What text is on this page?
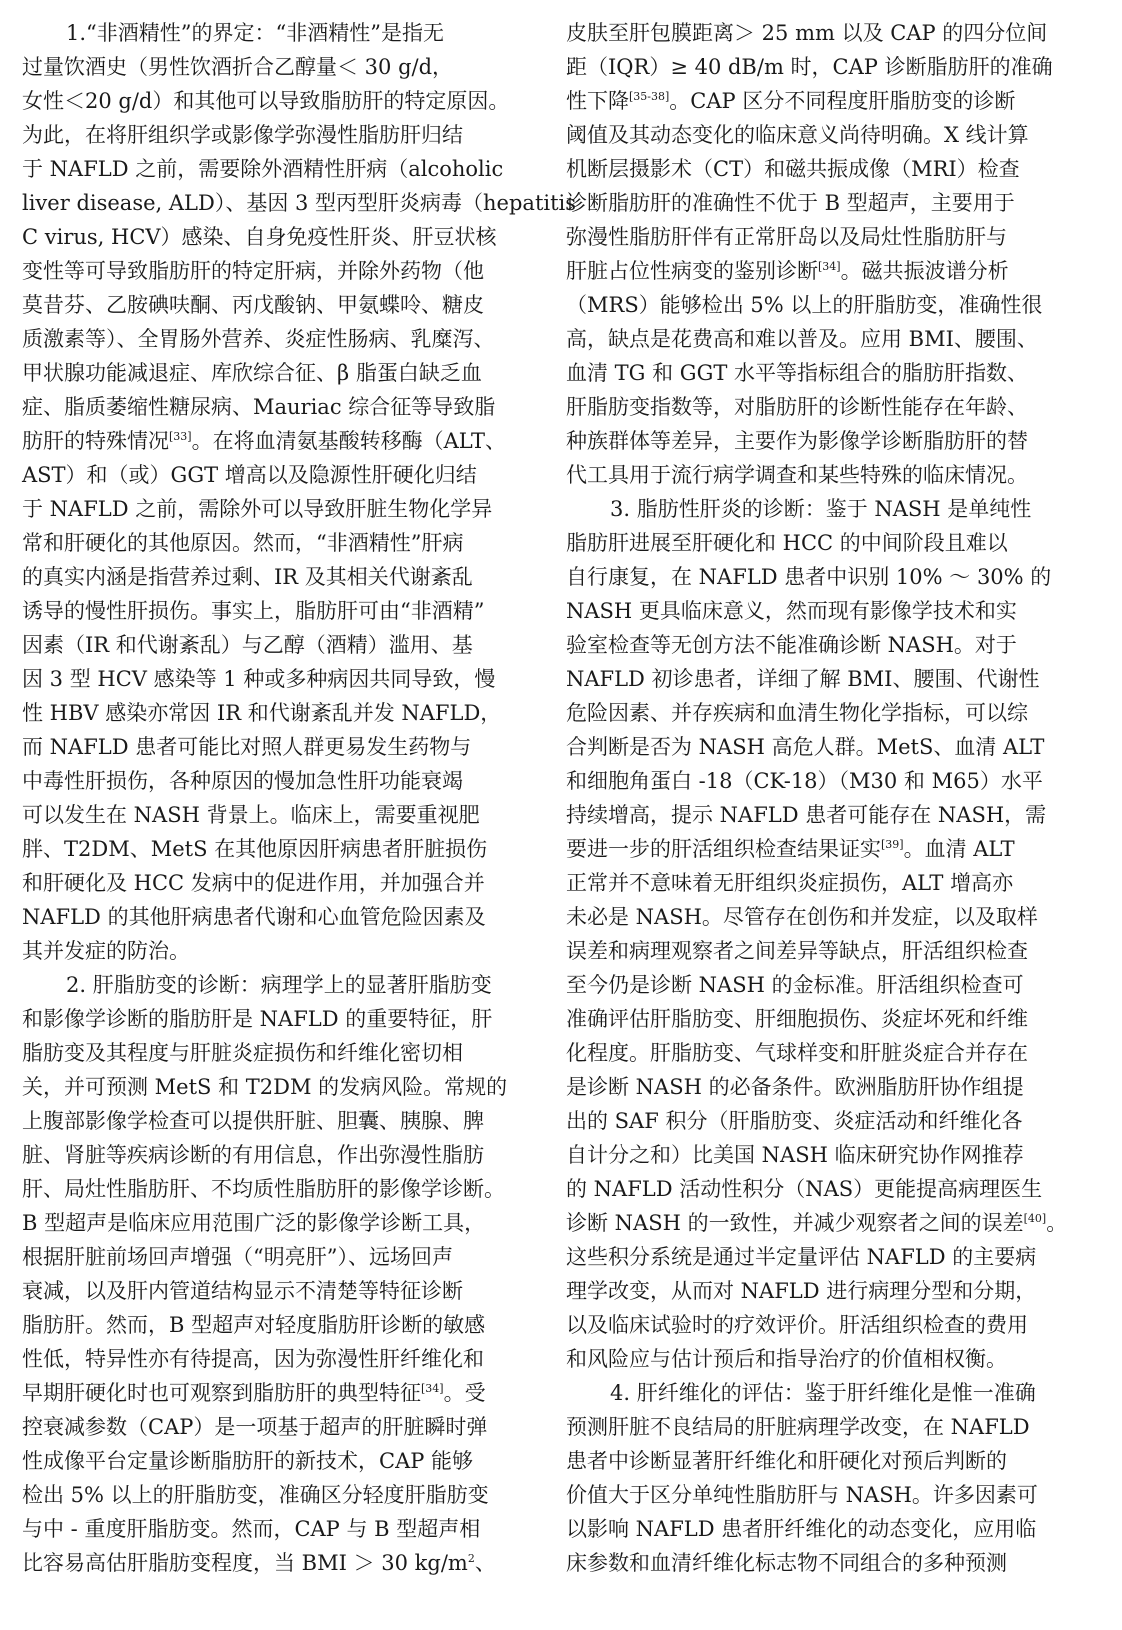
1.“非酒精性”的界定：“非酒精性”是指无
过量饮酒史（男性饮酒折合乙醇量＜ 30 g/d，
女性＜20 g/d）和其他可以导致脂肪肝的特定原因。
为此，在将肝组织学或影像学弥漫性脂肪肝归结
于 NAFLD 之前，需要除外酒精性肝病（alcoholic
liver disease, ALD）、基因 3 型丙型肝炎病毒（hepatitis
C virus, HCV）感染、自身免疫性肝炎、肝豆状核
变性等可导致脂肪肝的特定肝病，并除外药物（他
莫昔芬、乙胺碘呋酮、丙戊酸钠、甲氨蝶呤、糖皮
质激素等）、全胃肠外营养、炎症性肠病、乳糜泻、
甲状腺功能减退症、库欣综合征、β 脂蛋白缺乏血
症、脂质萎缩性糖尿病、Mauriac 综合征等导致脂
肪肝的特殊情况[33]。在将血清氨基酸转移酶（ALT、
AST）和（或）GGT 增高以及隐源性肝硬化归结
于 NAFLD 之前，需除外可以导致肝脏生物化学异
常和肝硬化的其他原因。然而，“非酒精性”肝病
的真实内涵是指营养过剩、IR 及其相关代谢紊乱
诱导的慢性肝损伤。事实上，脂肪肝可由“非酒精”
因素（IR 和代谢紊乱）与乙醇（酒精）滥用、基
因 3 型 HCV 感染等 1 种或多种病因共同导致，慢
性 HBV 感染亦常因 IR 和代谢紊乱并发 NAFLD，
而 NAFLD 患者可能比对照人群更易发生药物与
中毒性肝损伤，各种原因的慢加急性肝功能衰竭
可以发生在 NASH 背景上。临床上，需要重视肥
胖、T2DM、MetS 在其他原因肝病患者肝脏损伤
和肝硬化及 HCC 发病中的促进作用，并加强合并
NAFLD 的其他肝病患者代谢和心血管危险因素及
其并发症的防治。
2. 肝脂肪变的诊断：病理学上的显著肝脂肪变
和影像学诊断的脂肪肝是 NAFLD 的重要特征，肝
脂肪变及其程度与肝脏炎症损伤和纤维化密切相
关，并可预测 MetS 和 T2DM 的发病风险。常规的
上腹部影像学检查可以提供肝脏、胆囊、胰腺、脾
脏、肾脏等疾病诊断的有用信息，作出弥漫性脂肪
肝、局灶性脂肪肝、不均质性脂肪肝的影像学诊断。
B 型超声是临床应用范围广泛的影像学诊断工具，
根据肝脏前场回声增强（“明亮肝”）、远场回声
衰减，以及肝内管道结构显示不清楚等特征诊断
脂肪肝。然而，B 型超声对轻度脂肪肝诊断的敏感
性低，特异性亦有待提高，因为弥漫性肝纤维化和
早期肝硬化时也可观察到脂肪肝的典型特征[34]。受
控衰减参数（CAP）是一项基于超声的肝脏瞬时弹
性成像平台定量诊断脂肪肝的新技术，CAP 能够
检出 5% 以上的肝脂肪变，准确区分轻度肝脂肪变
与中 - 重度肝脂肪变。然而，CAP 与 B 型超声相
比容易高估肝脂肪变程度，当 BMI ＞ 30 $kg/m^2$、
皮肤至肝包膜距离＞ 25 mm 以及 CAP 的四分位间
距（IQR）≥ 40 dB/m 时，CAP 诊断脂肪肝的准确
性下降[35-38]。CAP 区分不同程度肝脂肪变的诊断
阈值及其动态变化的临床意义尚待明确。X 线计算
机断层摄影术（CT）和磁共振成像（MRI）检查
诊断脂肪肝的准确性不优于 B 型超声，主要用于
弥漫性脂肪肝伴有正常肝岛以及局灶性脂肪肝与
肝脏占位性病变的鉴别诊断[34]。磁共振波谱分析
（MRS）能够检出 5% 以上的肝脂肪变，准确性很
高，缺点是花费高和难以普及。应用 BMI、腰围、
血清 TG 和 GGT 水平等指标组合的脂肪肝指数、
肝脂肪变指数等，对脂肪肝的诊断性能存在年龄、
种族群体等差异，主要作为影像学诊断脂肪肝的替
代工具用于流行病学调查和某些特殊的临床情况。
3. 脂肪性肝炎的诊断：鉴于 NASH 是单纯性
脂肪肝进展至肝硬化和 HCC 的中间阶段且难以
自行康复，在 NAFLD 患者中识别 10% ～ 30% 的
NASH 更具临床意义，然而现有影像学技术和实
验室检查等无创方法不能准确诊断 NASH。对于
NAFLD 初诊患者，详细了解 BMI、腰围、代谢性
危险因素、并存疾病和血清生物化学指标，可以综
合判断是否为 NASH 高危人群。MetS、血清 ALT
和细胞角蛋白 -18（CK-18）（M30 和 M65）水平
持续增高，提示 NAFLD 患者可能存在 NASH，需
要进一步的肝活组织检查结果证实[39]。血清 ALT
正常并不意味着无肝组织炎症损伤，ALT 增高亦
未必是 NASH。尽管存在创伤和并发症，以及取样
误差和病理观察者之间差异等缺点，肝活组织检查
至今仍是诊断 NASH 的金标准。肝活组织检查可
准确评估肝脂肪变、肝细胞损伤、炎症坏死和纤维
化程度。肝脂肪变、气球样变和肝脏炎症合并存在
是诊断 NASH 的必备条件。欧洲脂肪肝协作组提
出的 SAF 积分（肝脂肪变、炎症活动和纤维化各
自计分之和）比美国 NASH 临床研究协作网推荐
的 NAFLD 活动性积分（NAS）更能提高病理医生
诊断 NASH 的一致性，并减少观察者之间的误差[40]。
这些积分系统是通过半定量评估 NAFLD 的主要病
理学改变，从而对 NAFLD 进行病理分型和分期，
以及临床试验时的疗效评价。肝活组织检查的费用
和风险应与估计预后和指导治疗的价值相权衡。
4. 肝纤维化的评估：鉴于肝纤维化是惟一准确
预测肝脏不良结局的肝脏病理学改变，在 NAFLD
患者中诊断显著肝纤维化和肝硬化对预后判断的
价值大于区分单纯性脂肪肝与 NASH。许多因素可
以影响 NAFLD 患者肝纤维化的动态变化，应用临
床参数和血清纤维化标志物不同组合的多种预测
